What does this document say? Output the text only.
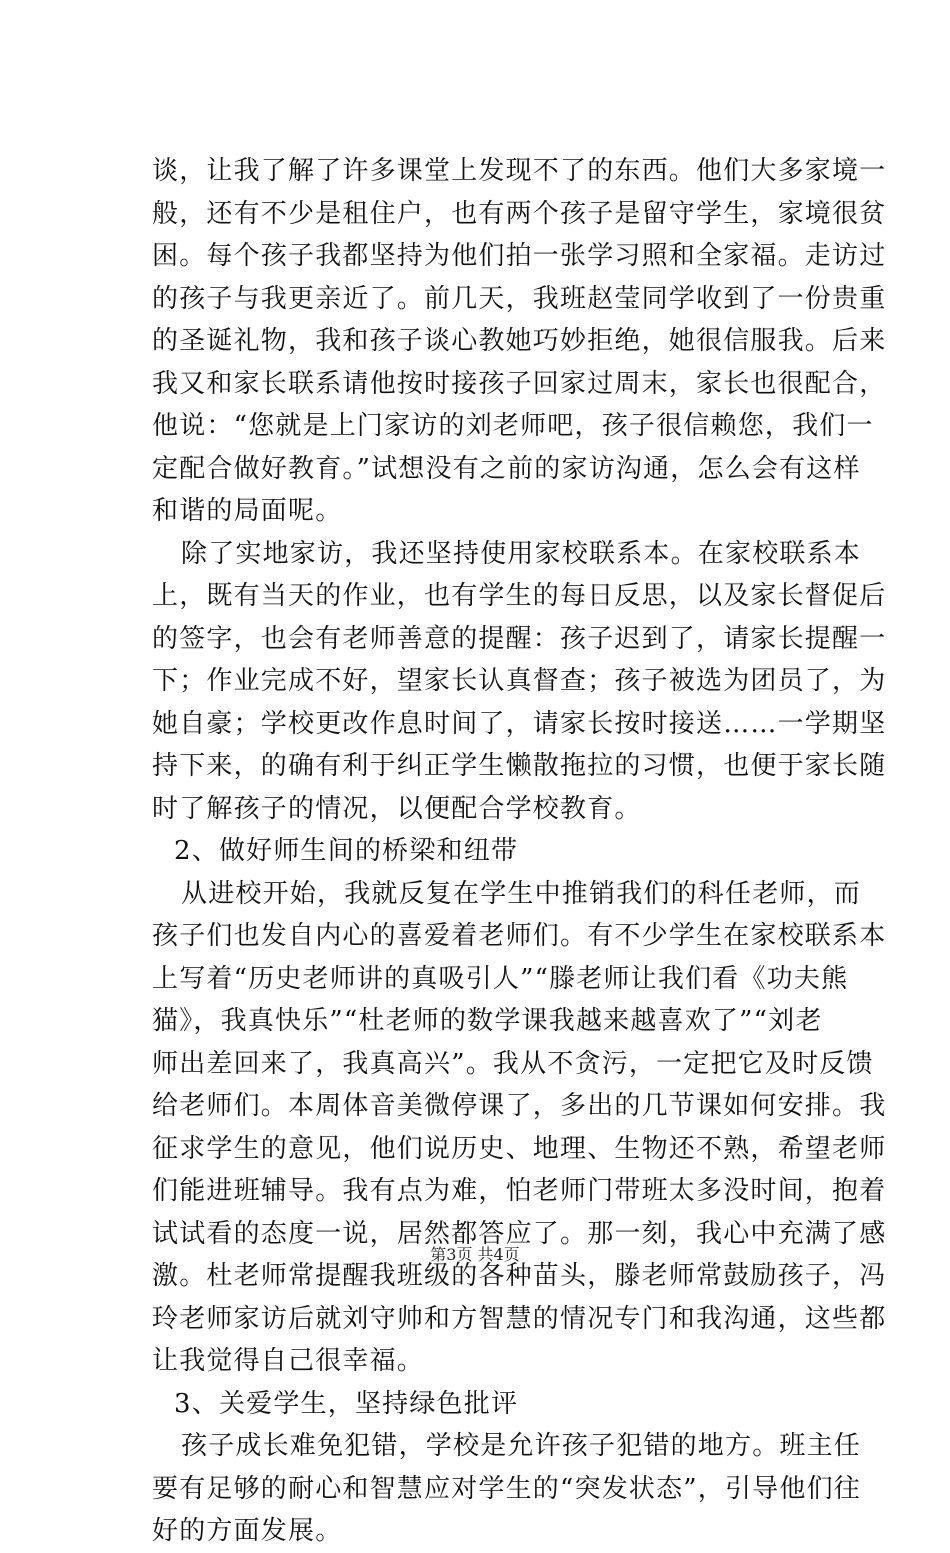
谈，让我了解了许多课堂上发现不了的东西。他们大多家境一
般，还有不少是租住户，也有两个孩子是留守学生，家境很贫
困。每个孩子我都坚持为他们拍一张学习照和全家福。走访过
的孩子与我更亲近了。前几天，我班赵莹同学收到了一份贵重
的圣诞礼物，我和孩子谈心教她巧妙拒绝，她很信服我。后来
我又和家长联系请他按时接孩子回家过周末，家长也很配合，
他说：“您就是上门家访的刘老师吧，孩子很信赖您，我们一
定配合做好教育。”试想没有之前的家访沟通，怎么会有这样
和谐的局面呢。
除了实地家访，我还坚持使用家校联系本。在家校联系本
上，既有当天的作业，也有学生的每日反思，以及家长督促后
的签字，也会有老师善意的提醒：孩子迟到了，请家长提醒一
下；作业完成不好，望家长认真督查；孩子被选为团员了，为
她自豪；学校更改作息时间了，请家长按时接送……一学期坚
持下来，的确有利于纠正学生懒散拖拉的习惯，也便于家长随
时了解孩子的情况，以便配合学校教育。
2、做好师生间的桥梁和纽带
从进校开始，我就反复在学生中推销我们的科任老师，而
孩子们也发自内心的喜爱着老师们。有不少学生在家校联系本
上写着“历史老师讲的真吸引人”“滕老师让我们看《功夫熊
猫》，我真快乐”“杜老师的数学课我越来越喜欢了”“刘老
师出差回来了，我真高兴”。我从不贪污，一定把它及时反馈
给老师们。本周体音美微停课了，多出的几节课如何安排。我
征求学生的意见，他们说历史、地理、生物还不熟，希望老师
们能进班辅导。我有点为难，怕老师门带班太多没时间，抱着
试试看的态度一说，居然都答应了。那一刻，我心中充满了感
激。杜老师常提醒我班级的各种苗头，滕老师常鼓励孩子，冯
玲老师家访后就刘守帅和方智慧的情况专门和我沟通，这些都
让我觉得自己很幸福。
3、关爱学生，坚持绿色批评
孩子成长难免犯错，学校是允许孩子犯错的地方。班主任
要有足够的耐心和智慧应对学生的“突发状态”，引导他们往
好的方面发展。
第3页 共4页
